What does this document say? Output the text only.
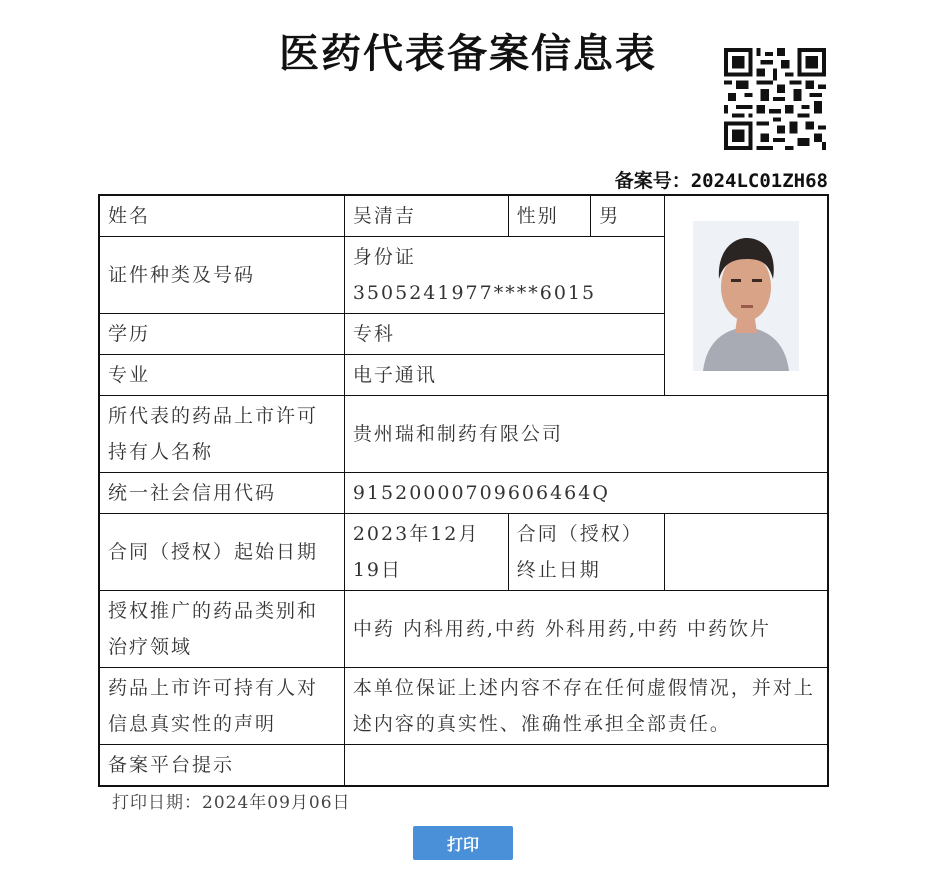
医药代表备案信息表
备案号：2024LC01ZH68
姓名	吴清吉	性别	男	
证件种类及号码	身份证 3505241977****6015			
学历	专科			
专业	电子通讯			
所代表的药品上市许可持有人名称	贵州瑞和制药有限公司			
统一社会信用代码	91520000709606464Q			
合同（授权）起始日期	2023年12月19日	合同（授权）终止日期		
授权推广的药品类别和治疗领域	中药 内科用药,中药 外科用药,中药 中药饮片			
药品上市许可持有人对信息真实性的声明	本单位保证上述内容不存在任何虚假情况，并对上述内容的真实性、准确性承担全部责任。			
备案平台提示				
打印日期：2024年09月06日
打印
